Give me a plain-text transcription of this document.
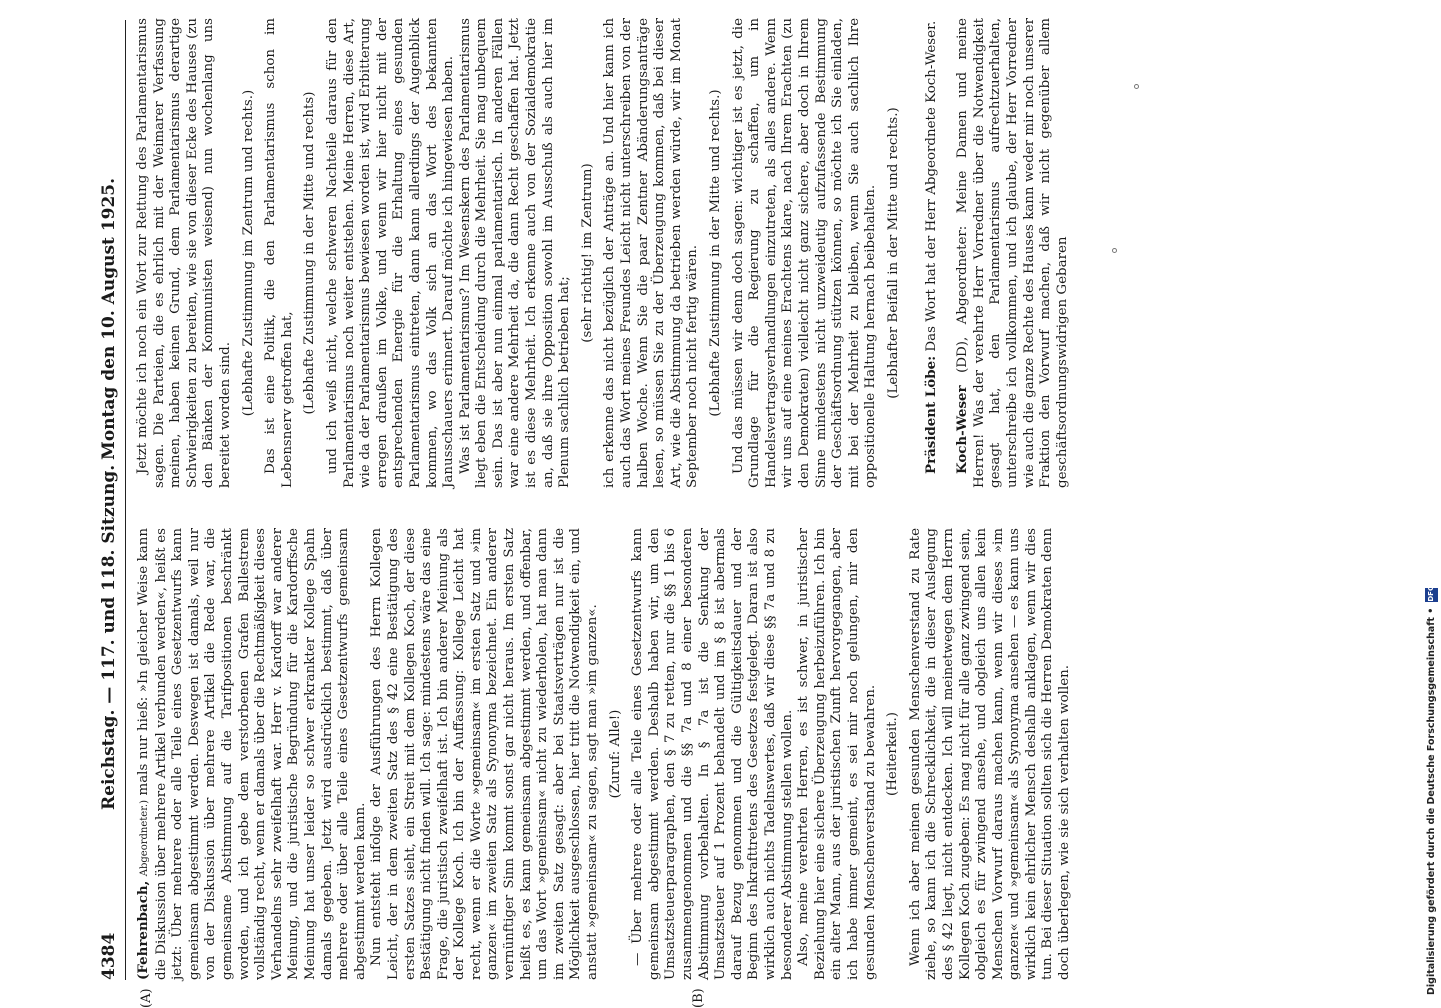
4384
Reichstag. — 117. und 118. Sitzung.
Montag den 10. August 1925.
(A)	(B)

(Fehrenbach, Abgeordneter.) mals nur hieß: »In gleicher Weise kann die Diskussion über mehrere Artikel verbunden werden«, heißt es jetzt: Über mehrere oder alle Teile eines Gesetzentwurfs kann gemeinsam abgestimmt werden. Deswegen ist damals, weil nur von der Diskussion über mehrere Artikel die Rede war, die gemeinsame Abstimmung auf die Tarifpositionen beschränkt worden, und ich gebe dem verstorbenen Grafen Ballestrem vollständig recht, wenn er damals über die Rechtmäßigkeit dieses Verhandelns sehr zweifelhaft war. Herr v. Kardorff war anderer Meinung, und die juristische Begründung für die Kardorffsche Meinung hat unser leider so schwer erkrankter Kollege Spahn damals gegeben. Jetzt wird ausdrücklich bestimmt, daß über mehrere oder über alle Teile eines Gesetzentwurfs gemeinsam abgestimmt werden kann. Nun entsteht infolge der Ausführungen des Herrn Kollegen Leicht, der in dem zweiten Satz des § 42 eine Bestätigung des ersten Satzes sieht, ein Streit mit dem Kollegen Koch, der diese Bestätigung nicht finden will. Ich sage: mindestens wäre das eine Frage, die juristisch zweifelhaft ist. Ich bin anderer Meinung als der Kollege Koch. Ich bin der Auffassung: Kollege Leicht hat recht, wenn er die Worte »gemeinsam« im ersten Satz und »im ganzen« im zweiten Satz als Synonyma bezeichnet. Ein anderer vernünftiger Sinn kommt sonst gar nicht heraus. Im ersten Satz heißt es, es kann gemeinsam abgestimmt werden, und offenbar, um das Wort »gemeinsam« nicht zu wiederholen, hat man dann im zweiten Satz gesagt: aber bei Staatsverträgen nur ist die Möglichkeit ausgeschlossen, hier tritt die Notwendigkeit ein, und anstatt »gemeinsam« zu sagen, sagt man »im ganzen«. (Zuruf: Alle!) — Über mehrere oder alle Teile eines Gesetzentwurfs kann gemeinsam abgestimmt werden. Deshalb haben wir, um den Umsatzsteuerparagraphen, den § 7 zu retten, nur die §§ 1 bis 6 zusammengenommen und die §§ 7a und 8 einer besonderen Abstimmung vorbehalten. In § 7a ist die Senkung der Umsatzsteuer auf 1 Prozent behandelt und im § 8 ist abermals darauf Bezug genommen und die Gültigkeitsdauer und der Beginn des Inkrafttretens des Gesetzes festgelegt. Daran ist also wirklich auch nichts Tadelnswertes, daß wir diese §§ 7a und 8 zu besonderer Abstimmung stellen wollen. Also, meine verehrten Herren, es ist schwer, in juristischer Beziehung hier eine sichere Überzeugung herbeizuführen. Ich bin ein alter Mann, aus der juristischen Zunft hervorgegangen, aber ich habe immer gemeint, es sei mir noch gelungen, mir den gesunden Menschenverstand zu bewahren. (Heiterkeit.) Wenn ich aber meinen gesunden Menschenverstand zu Rate ziehe, so kann ich die Schrecklichkeit, die in dieser Auslegung des § 42 liegt, nicht entdecken. Ich will meinetwegen dem Herrn Kollegen Koch zugeben: Es mag nicht für alle ganz zwingend sein, obgleich es für zwingend ansehe, und obgleich uns allen kein Menschen Vorwurf daraus machen kann, wenn wir dieses »im ganzen« und »gemeinsam« als Synonyma ansehen — es kann uns wirklich kein ehrlicher Mensch deshalb anklagen, wenn wir dies tun. Bei dieser Situation sollten sich die Herren Demokraten denn doch überlegen, wie sie sich verhalten wollen.

Jetzt möchte ich noch ein Wort zur Rettung des Parlamentarismus sagen. Die Parteien, die es ehrlich mit der Weimarer Verfassung meinen, haben keinen Grund, dem Parlamentarismus derartige Schwierigkeiten zu bereiten, wie sie von dieser Ecke des Hauses (zu den Bänken der Kommunisten weisend) nun wochenlang uns bereitet worden sind. (Lebhafte Zustimmung im Zentrum und rechts.) Das ist eine Politik, die den Parlamentarismus schon im Lebensnerv getroffen hat, (Lebhafte Zustimmung in der Mitte und rechts) und ich weiß nicht, welche schweren Nachteile daraus für den Parlamentarismus noch weiter entstehen. Meine Herren, diese Art, wie da der Parlamentarismus bewiesen worden ist, wird Erbitterung erregen draußen im Volke, und wenn wir hier nicht mit der entsprechenden Energie für die Erhaltung eines gesunden Parlamentarismus eintreten, dann kann allerdings der Augenblick kommen, wo das Volk sich an das Wort des bekannten Janusschauers erinnert. Darauf möchte ich hingewiesen haben. Was ist Parlamentarismus? Im Wesenskern des Parlamentarismus liegt eben die Entscheidung durch die Mehrheit. Sie mag unbequem sein. Das ist aber nun einmal parlamentarisch. In anderen Fällen war eine andere Mehrheit da, die dann Recht geschaffen hat. Jetzt ist es diese Mehrheit. Ich erkenne auch von der Sozialdemokratie an, daß sie ihre Opposition sowohl im Ausschuß als auch hier im Plenum sachlich betrieben hat;

(sehr richtig! im Zentrum) ich erkenne das nicht bezüglich der Anträge an. Und hier kann ich auch das Wort meines Freundes Leicht nicht unterschreiben von der halben Woche. Wenn Sie die paar Zentner Abänderungsanträge lesen, so müssen Sie zu der Überzeugung kommen, daß bei dieser Art, wie die Abstimmung da betrieben werden würde, wir im Monat September noch nicht fertig wären. (Lebhafte Zustimmung in der Mitte und rechts.) Und das müssen wir denn doch sagen: wichtiger ist es jetzt, die Grundlage für die Regierung zu schaffen, um in Handelsvertragsverhandlungen einzutreten, als alles andere. Wenn wir uns auf eine meines Erachtens klare, nach Ihrem Erachten (zu den Demokraten) vielleicht nicht ganz sichere, aber doch in Ihrem Sinne mindestens nicht unzweideutig aufzufassende Bestimmung der Geschäftsordnung stützen können, so möchte ich Sie einladen, mit bei der Mehrheit zu bleiben, wenn Sie auch sachlich Ihre oppositionelle Haltung hernach beibehalten. (Lebhafter Beifall in der Mitte und rechts.)

Präsident Löbe: Das Wort hat der Herr Abgeordnete Koch-Weser.

Koch-Weser (DD), Abgeordneter: Meine Damen und meine Herren! Was der verehrte Herr Vorredner über die Notwendigkeit gesagt hat, den Parlamentarismus aufrechtzuerhalten, unterschreibe ich vollkommen, und ich glaube, der Herr Vorredner wie auch die ganze Rechte des Hauses kann weder mir noch unserer Fraktion den Vorwurf machen, daß wir nicht gegenüber allem geschäftsordnungswidrigen Gebaren

Digitalisierung gefördert durch die Deutsche Forschungsgemeinschaft •DFG
